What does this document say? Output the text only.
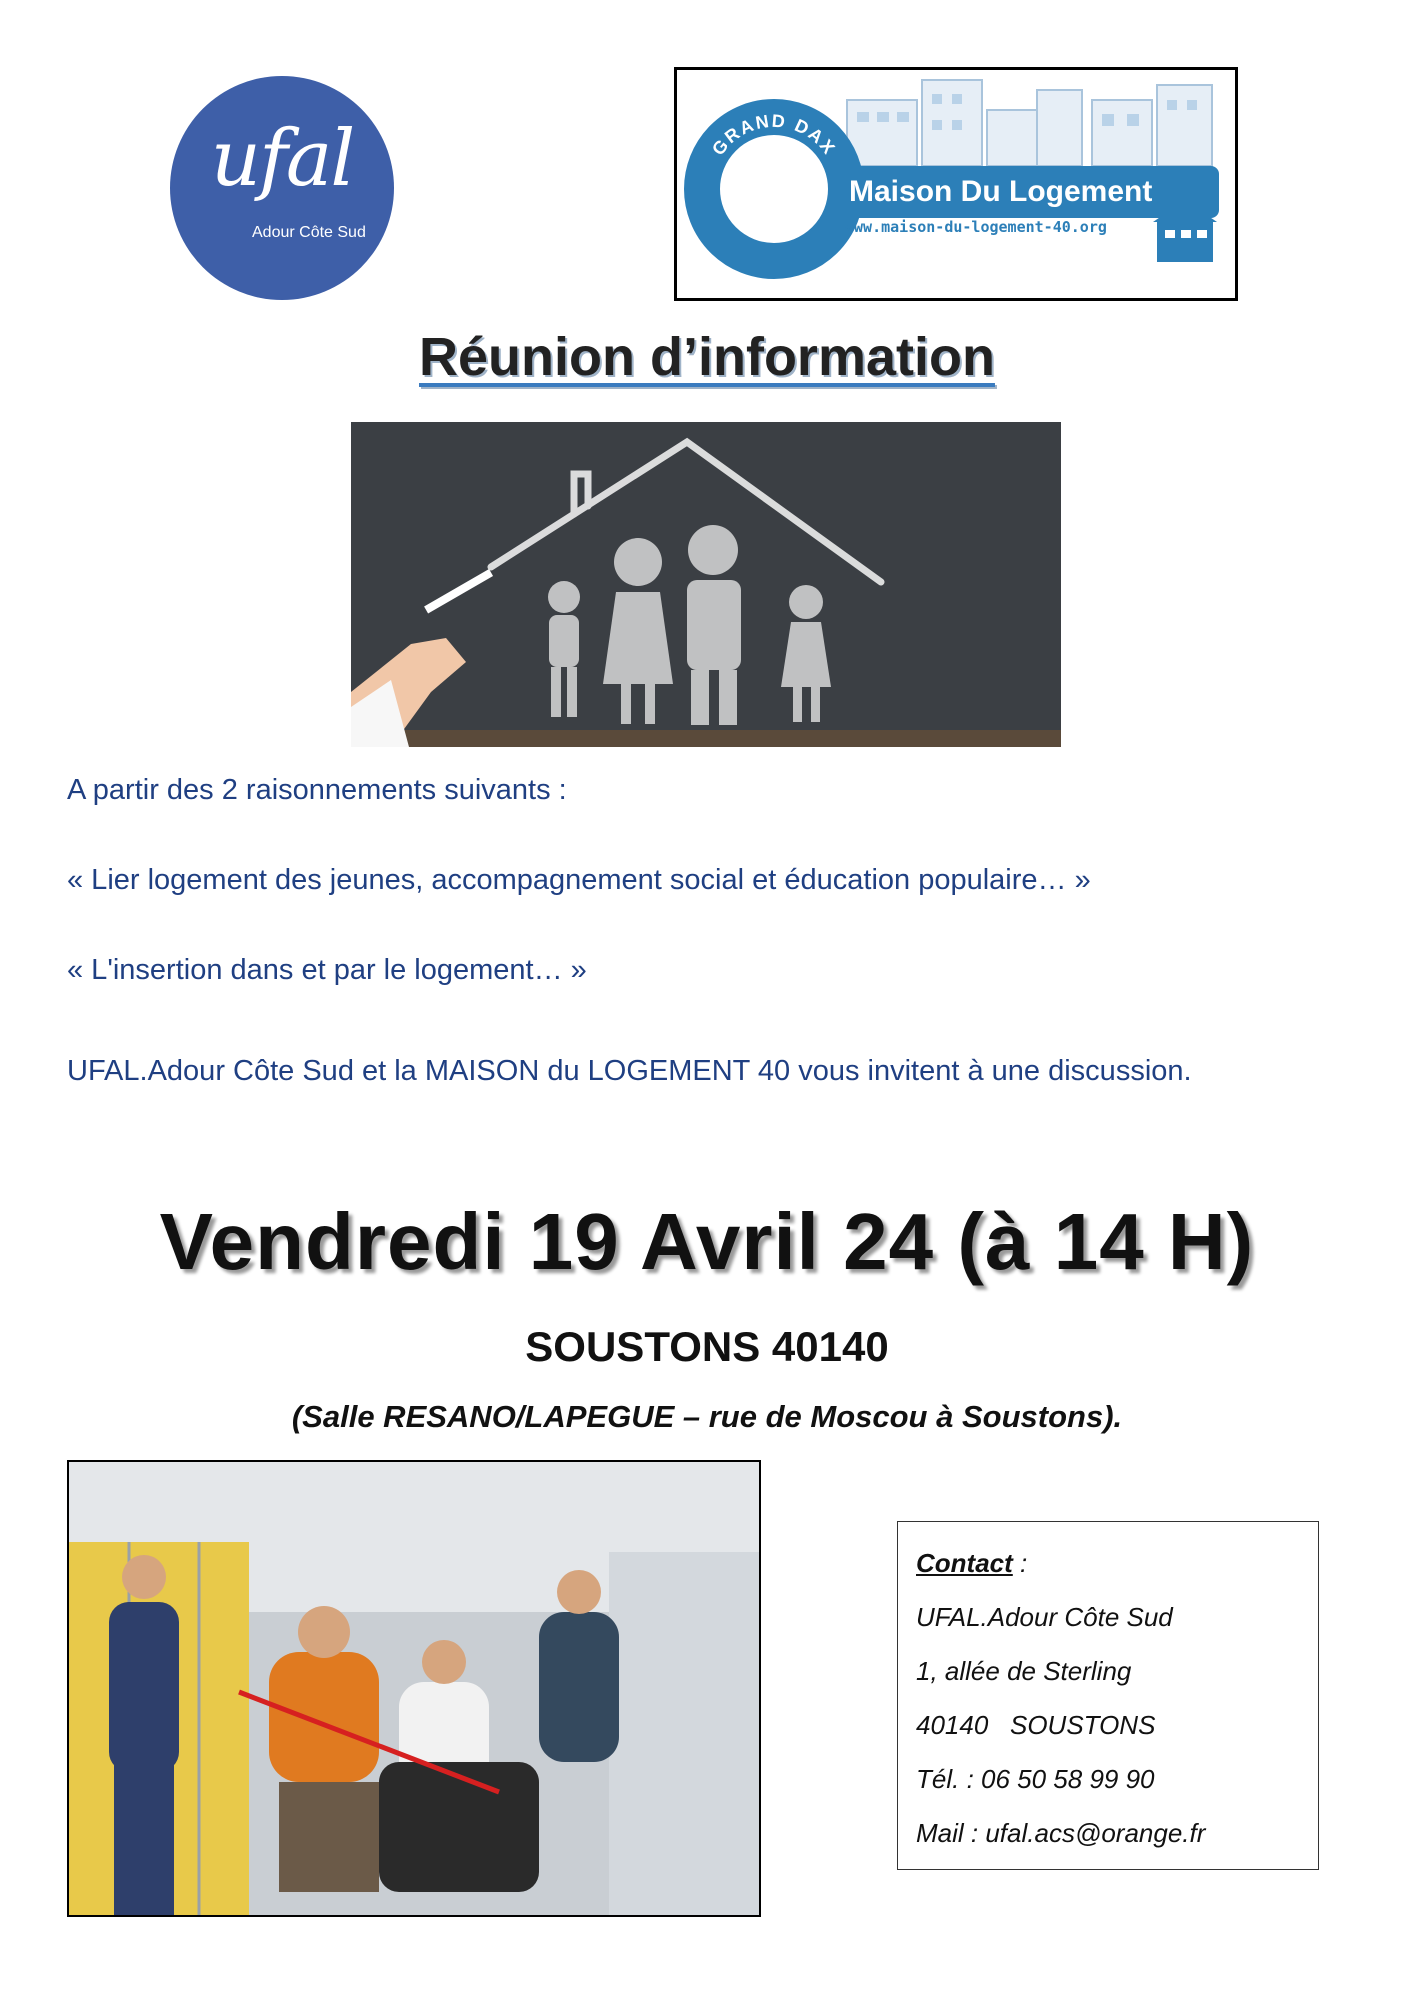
ufal
Adour Côte Sud
GRAND DAX
LANDES
Maison Du Logement
www.maison-du-logement-40.org
Réunion d’information
A partir des 2 raisonnements suivants :
« Lier logement des jeunes, accompagnement social et éducation populaire… »
« L'insertion dans et par le logement… »
UFAL.Adour Côte Sud et la MAISON du LOGEMENT 40 vous invitent à une discussion.
Vendredi 19 Avril 24 (à 14 H)
SOUSTONS 40140
(Salle RESANO/LAPEGUE – rue de Moscou à Soustons).
Contact :
UFAL.Adour Côte Sud
1, allée de Sterling
40140   SOUSTONS
Tél. : 06 50 58 99 90
Mail : ufal.acs@orange.fr
